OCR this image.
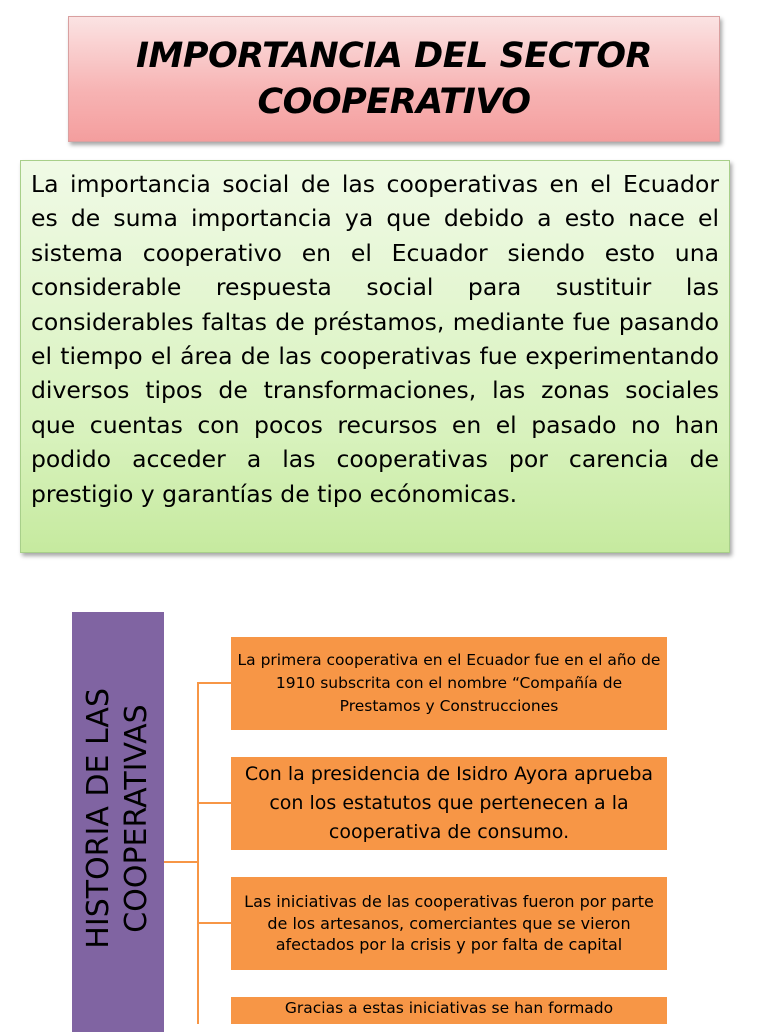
IMPORTANCIA DEL SECTOR
COOPERATIVO

La importancia social de las cooperativas en el Ecuador es de suma importancia ya que debido a esto nace el sistema cooperativo en el Ecuador siendo esto una considerable respuesta social para sustituir las considerables faltas de préstamos, mediante fue pasando el tiempo el área de las cooperativas fue experimentando diversos tipos de transformaciones, las zonas sociales que cuentas con pocos recursos en el pasado no han podido acceder a las cooperativas por carencia de prestigio y garantías de tipo ecónomicas.

HISTORIA DE LAS COOPERATIVAS
La primera cooperativa en el Ecuador fue en el año de 1910 subscrita con el nombre “Compañía de Prestamos y Construcciones
Con la presidencia de Isidro Ayora aprueba con los estatutos que pertenecen a la cooperativa de consumo.
Las iniciativas de las cooperativas fueron por parte de los artesanos, comerciantes que se vieron afectados por la crisis y por falta de capital
Gracias a estas iniciativas se han formado
